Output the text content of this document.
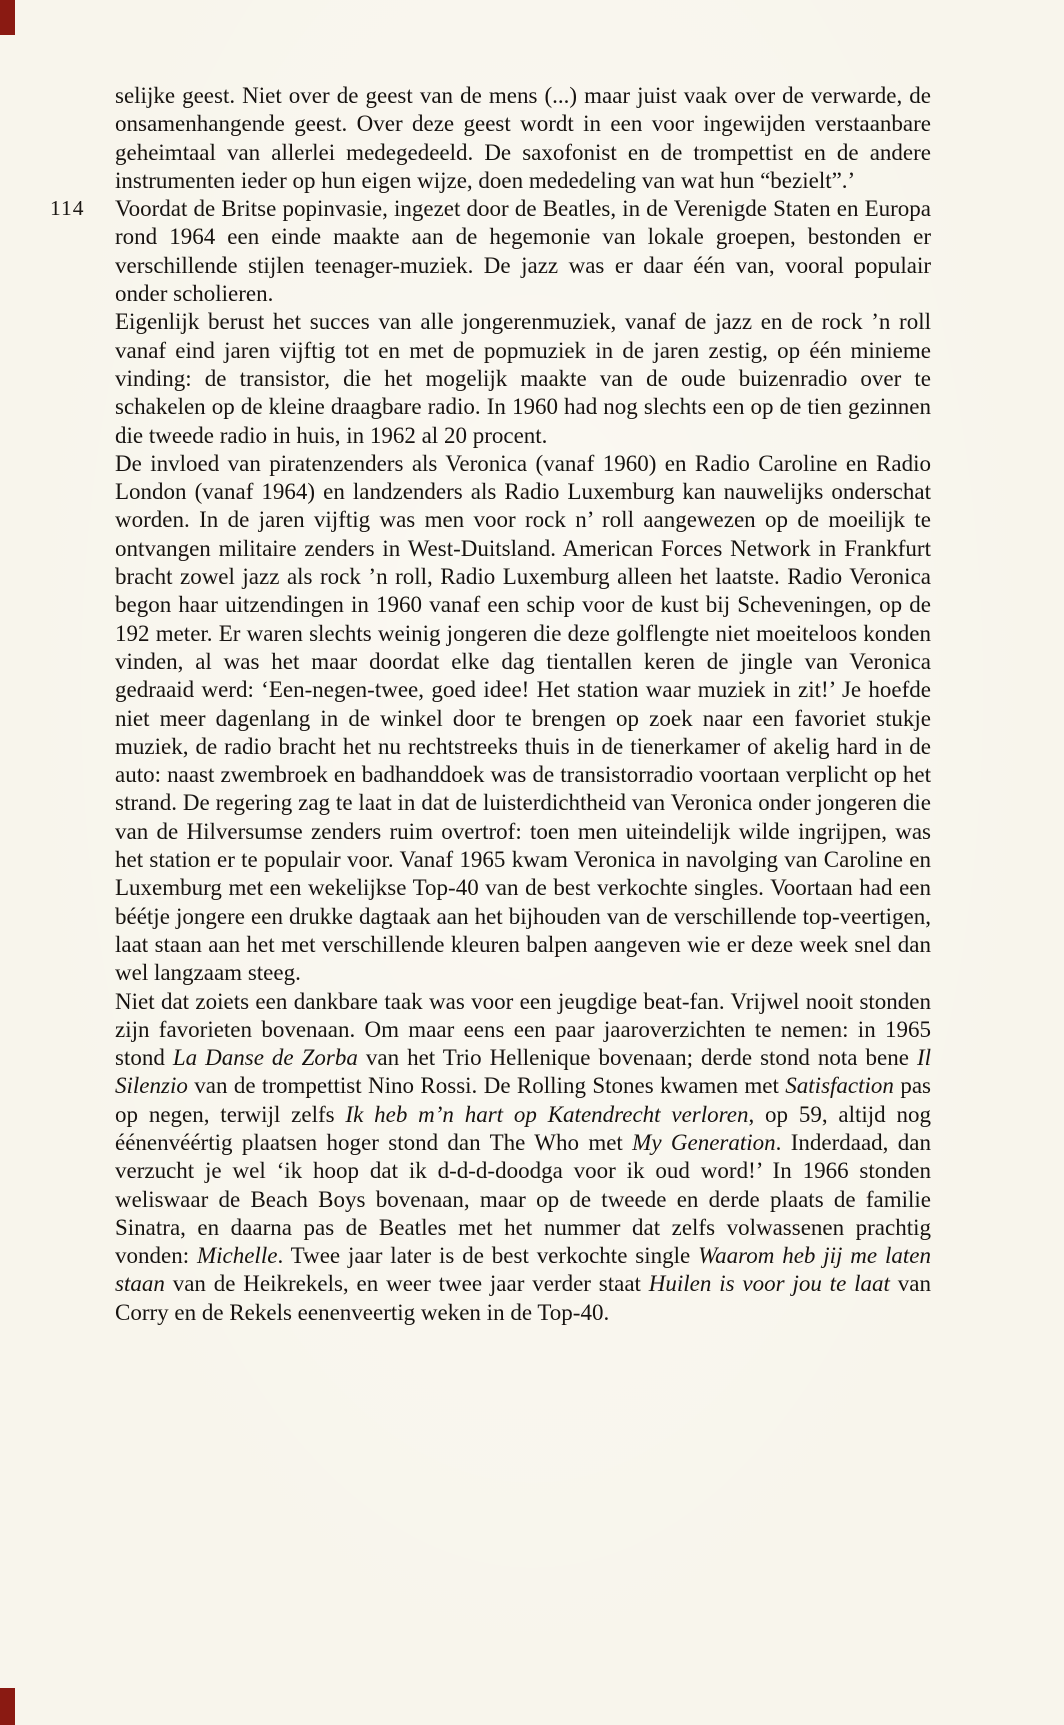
114

selijke geest. Niet over de geest van de mens (...) maar juist vaak over de verwarde, de onsamenhangende geest. Over deze geest wordt in een voor ingewijden verstaanbare geheimtaal van allerlei medegedeeld. De saxofonist en de trompettist en de andere instrumenten ieder op hun eigen wijze, doen mededeling van wat hun “bezielt”.’

Voordat de Britse popinvasie, ingezet door de Beatles, in de Verenigde Staten en Europa rond 1964 een einde maakte aan de hegemonie van lokale groepen, bestonden er verschillende stijlen teenager-muziek. De jazz was er daar één van, vooral populair onder scholieren.

Eigenlijk berust het succes van alle jongerenmuziek, vanaf de jazz en de rock ’n roll vanaf eind jaren vijftig tot en met de popmuziek in de jaren zestig, op één minieme vinding: de transistor, die het mogelijk maakte van de oude buizenradio over te schakelen op de kleine draagbare radio. In 1960 had nog slechts een op de tien gezinnen die tweede radio in huis, in 1962 al 20 procent.

De invloed van piratenzenders als Veronica (vanaf 1960) en Radio Caroline en Radio London (vanaf 1964) en landzenders als Radio Luxemburg kan nauwelijks onderschat worden. In de jaren vijftig was men voor rock n’ roll aangewezen op de moeilijk te ontvangen militaire zenders in West-Duitsland. American Forces Network in Frankfurt bracht zowel jazz als rock ’n roll, Radio Luxemburg alleen het laatste. Radio Veronica begon haar uitzendingen in 1960 vanaf een schip voor de kust bij Scheveningen, op de 192 meter. Er waren slechts weinig jongeren die deze golflengte niet moeiteloos konden vinden, al was het maar doordat elke dag tientallen keren de jingle van Veronica gedraaid werd: ‘Een-negen-twee, goed idee! Het station waar muziek in zit!’ Je hoefde niet meer dagenlang in de winkel door te brengen op zoek naar een favoriet stukje muziek, de radio bracht het nu rechtstreeks thuis in de tienerkamer of akelig hard in de auto: naast zwembroek en badhanddoek was de transistorradio voortaan verplicht op het strand. De regering zag te laat in dat de luisterdichtheid van Veronica onder jongeren die van de Hilversumse zenders ruim overtrof: toen men uiteindelijk wilde ingrijpen, was het station er te populair voor. Vanaf 1965 kwam Veronica in navolging van Caroline en Luxemburg met een wekelijkse Top-40 van de best verkochte singles. Voortaan had een béétje jongere een drukke dagtaak aan het bijhouden van de verschillende top-veertigen, laat staan aan het met verschillende kleuren balpen aangeven wie er deze week snel dan wel langzaam steeg.

Niet dat zoiets een dankbare taak was voor een jeugdige beat-fan. Vrijwel nooit stonden zijn favorieten bovenaan. Om maar eens een paar jaaroverzichten te nemen: in 1965 stond La Danse de Zorba van het Trio Hellenique bovenaan; derde stond nota bene Il Silenzio van de trompettist Nino Rossi. De Rolling Stones kwamen met Satisfaction pas op negen, terwijl zelfs Ik heb m’n hart op Katendrecht verloren, op 59, altijd nog éénenvéértig plaatsen hoger stond dan The Who met My Generation. Inderdaad, dan verzucht je wel ‘ik hoop dat ik d-d-d-doodga voor ik oud word!’ In 1966 stonden weliswaar de Beach Boys bovenaan, maar op de tweede en derde plaats de familie Sinatra, en daarna pas de Beatles met het nummer dat zelfs volwassenen prachtig vonden: Michelle. Twee jaar later is de best verkochte single Waarom heb jij me laten staan van de Heikrekels, en weer twee jaar verder staat Huilen is voor jou te laat van Corry en de Rekels eenenveertig weken in de Top-40.
